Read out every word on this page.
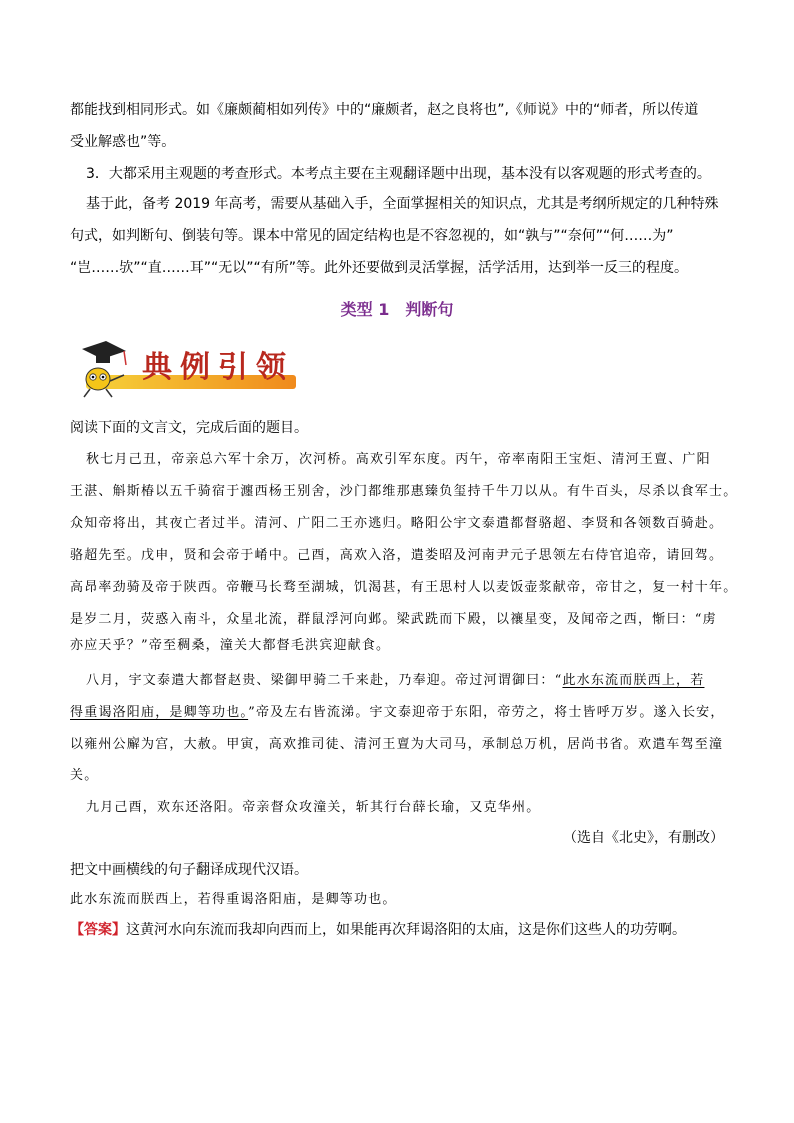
都能找到相同形式。如《廉颇蔺相如列传》中的“廉颇者，赵之良将也”,《师说》中的“师者，所以传道
受业解惑也”等。
3．大都采用主观题的考查形式。本考点主要在主观翻译题中出现，基本没有以客观题的形式考查的。
基于此，备考 2019 年高考，需要从基础入手，全面掌握相关的知识点，尤其是考纲所规定的几种特殊
句式，如判断句、倒装句等。课本中常见的固定结构也是不容忽视的，如“孰与”“奈何”“何……为”
“岂……欤”“直……耳”“无以”“有所”等。此外还要做到灵活掌握，活学活用，达到举一反三的程度。
类型 1　判断句
典例引领
阅读下面的文言文，完成后面的题目。
秋七月己丑，帝亲总六军十余万，次河桥。高欢引军东度。丙午，帝率南阳王宝炬、清河王亶、广阳
王湛、斛斯椿以五千骑宿于瀍西杨王别舍，沙门都维那惠臻负玺持千牛刀以从。有牛百头，尽杀以食军士。
众知帝将出，其夜亡者过半。清河、广阳二王亦逃归。略阳公宇文泰遣都督骆超、李贤和各领数百骑赴。
骆超先至。戊申，贤和会帝于崤中。己酉，高欢入洛，遣娄昭及河南尹元子思领左右侍官追帝，请回驾。
高昂率劲骑及帝于陕西。帝鞭马长骛至湖城，饥渴甚，有王思村人以麦饭壶浆献帝，帝甘之，复一村十年。
是岁二月，荧惑入南斗，众星北流，群鼠浮河向邺。梁武跣而下殿，以禳星变，及闻帝之西，惭曰：“虏
亦应天乎？”帝至稠桑，潼关大都督毛洪宾迎献食。
八月，宇文泰遣大都督赵贵、梁御甲骑二千来赴，乃奉迎。帝过河谓御曰：“此水东流而朕西上，若
得重谒洛阳庙，是卿等功也。”帝及左右皆流涕。宇文泰迎帝于东阳，帝劳之，将士皆呼万岁。遂入长安，
以雍州公廨为宫，大赦。甲寅，高欢推司徒、清河王亶为大司马，承制总万机，居尚书省。欢遣车驾至潼
关。
九月己酉，欢东还洛阳。帝亲督众攻潼关，斩其行台薛长瑜，又克华州。
（选自《北史》，有删改）
把文中画横线的句子翻译成现代汉语。
此水东流而朕西上，若得重谒洛阳庙，是卿等功也。
【答案】这黄河水向东流而我却向西而上，如果能再次拜谒洛阳的太庙，这是你们这些人的功劳啊。
